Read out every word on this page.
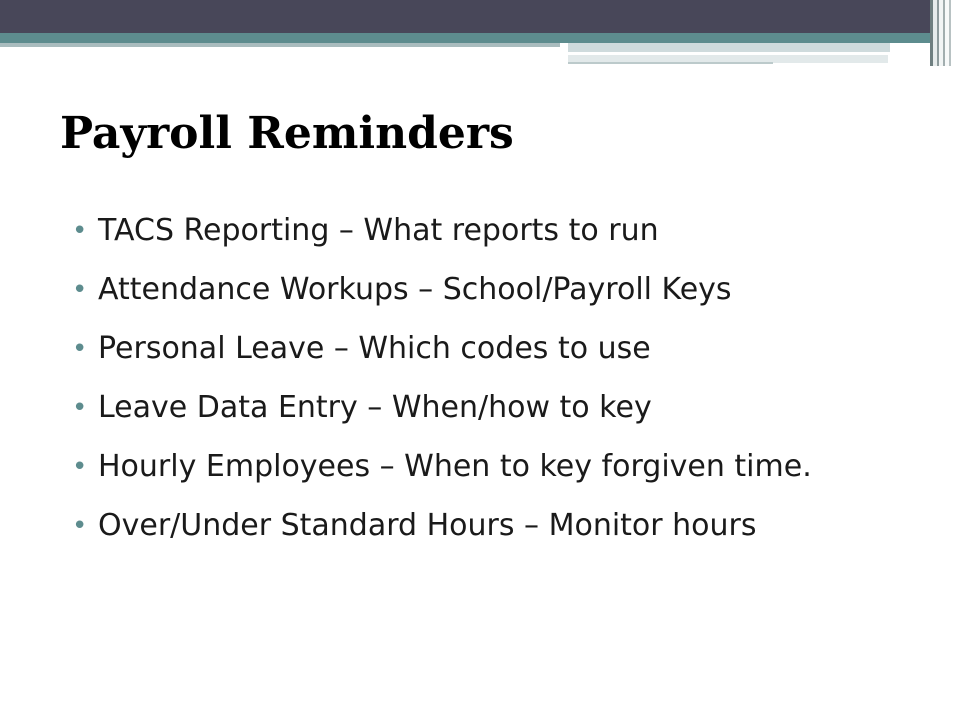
Payroll Reminders
• TACS Reporting – What reports to run
• Attendance Workups – School/Payroll Keys
• Personal Leave – Which codes to use
• Leave Data Entry – When/how to key
• Hourly Employees – When to key forgiven time.
• Over/Under Standard Hours – Monitor hours
